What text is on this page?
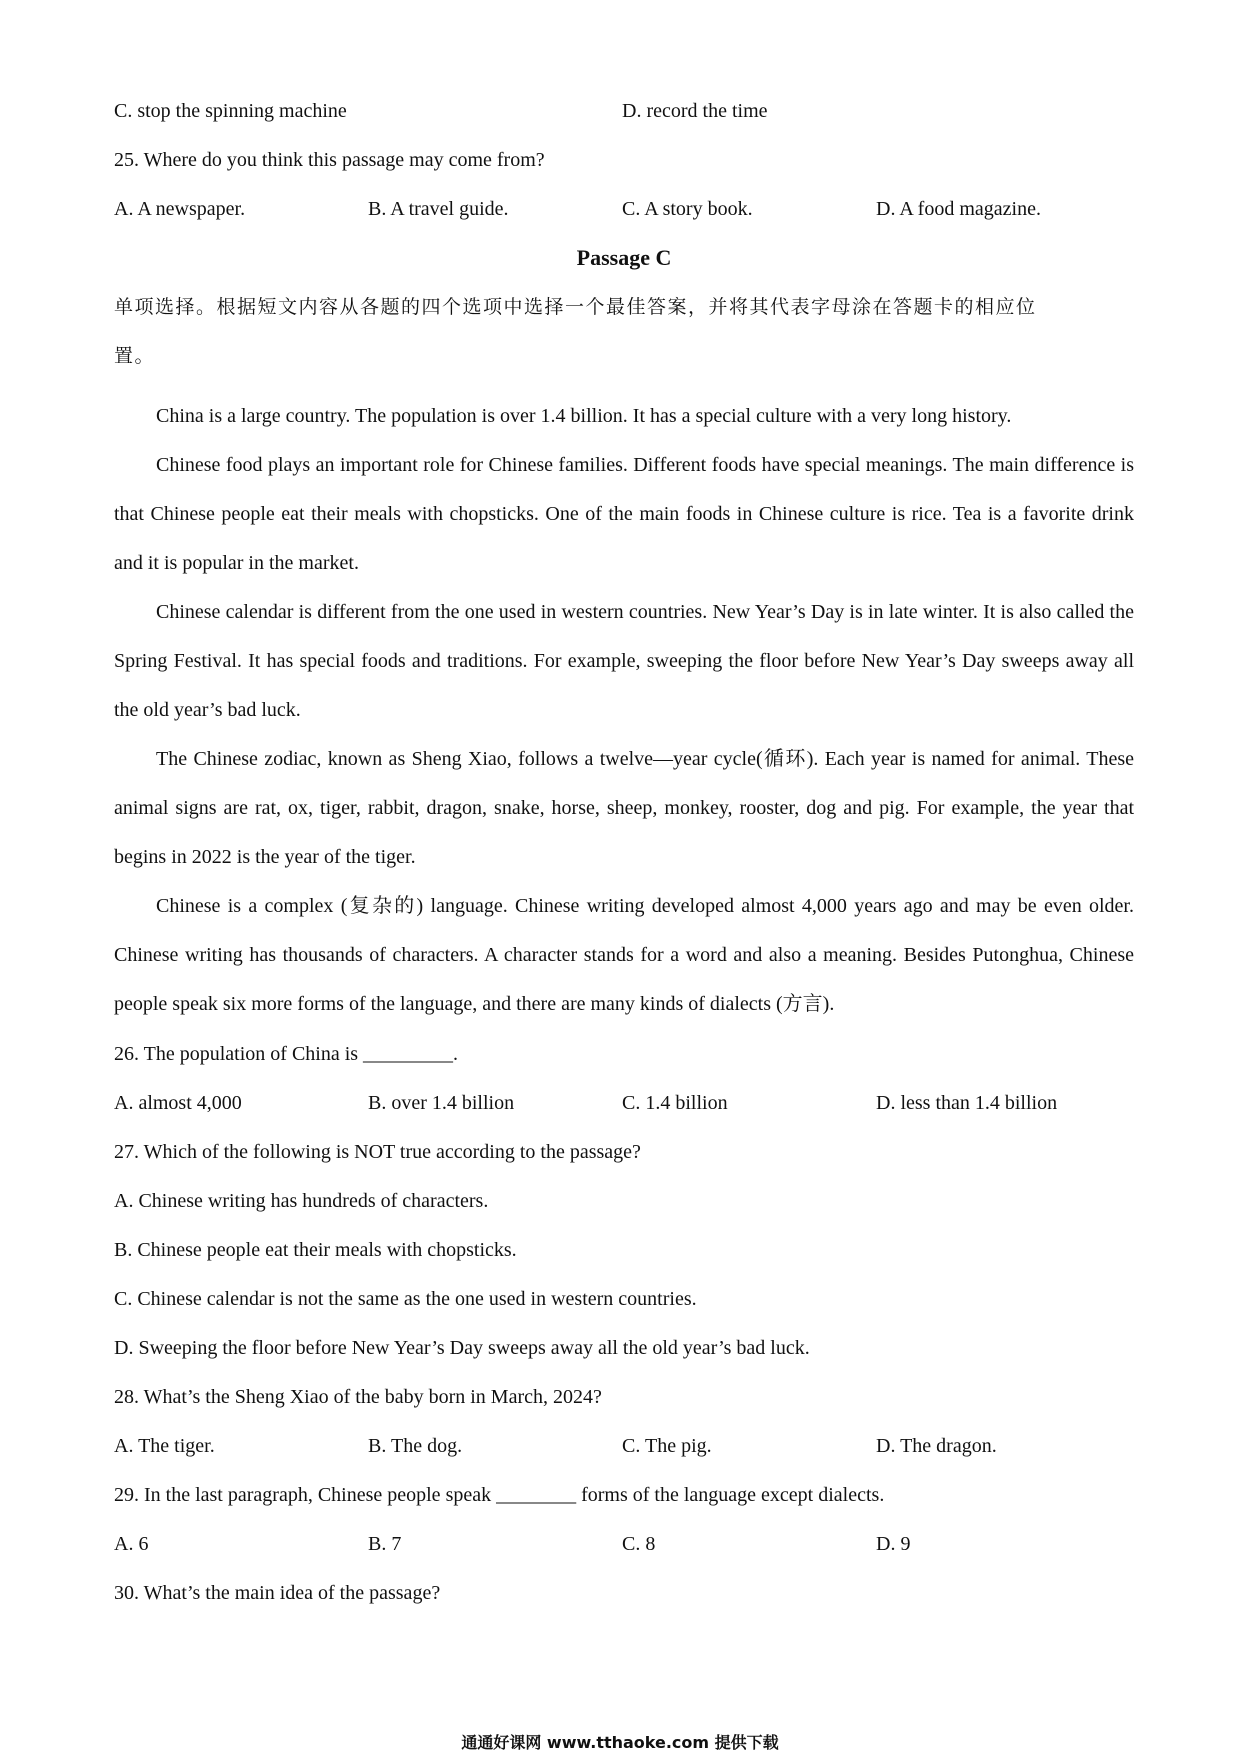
C. stop the spinning machine	D. record the time
25. Where do you think this passage may come from?
A. A newspaper.	B. A travel guide.	C. A story book.	D. A food magazine.
Passage C
单项选择。根据短文内容从各题的四个选项中选择一个最佳答案，并将其代表字母涂在答题卡的相应位
置。

China is a large country. The population is over 1.4 billion. It has a special culture with a very long history.

Chinese food plays an important role for Chinese families. Different foods have special meanings. The main difference is that Chinese people eat their meals with chopsticks. One of the main foods in Chinese culture is rice. Tea is a favorite drink and it is popular in the market.

Chinese calendar is different from the one used in western countries. New Year’s Day is in late winter. It is also called the Spring Festival. It has special foods and traditions. For example, sweeping the floor before New Year’s Day sweeps away all the old year’s bad luck.

The Chinese zodiac, known as Sheng Xiao, follows a twelve—year cycle(循环). Each year is named for animal. These animal signs are rat, ox, tiger, rabbit, dragon, snake, horse, sheep, monkey, rooster, dog and pig. For example, the year that begins in 2022 is the year of the tiger.

Chinese is a complex (复杂的) language. Chinese writing developed almost 4,000 years ago and may be even older. Chinese writing has thousands of characters. A character stands for a word and also a meaning. Besides Putonghua, Chinese people speak six more forms of the language, and there are many kinds of dialects (方言).

26. The population of China is _________.
A. almost 4,000	B. over 1.4 billion	C. 1.4 billion	D. less than 1.4 billion
27. Which of the following is NOT true according to the passage?
A. Chinese writing has hundreds of characters.
B. Chinese people eat their meals with chopsticks.
C. Chinese calendar is not the same as the one used in western countries.
D. Sweeping the floor before New Year’s Day sweeps away all the old year’s bad luck.
28. What’s the Sheng Xiao of the baby born in March, 2024?
A. The tiger.	B. The dog.	C. The pig.	D. The dragon.
29. In the last paragraph, Chinese people speak ________ forms of the language except dialects.
A. 6	B. 7	C. 8	D. 9
30. What’s the main idea of the passage?
通通好课网 www.tthaoke.com 提供下载
